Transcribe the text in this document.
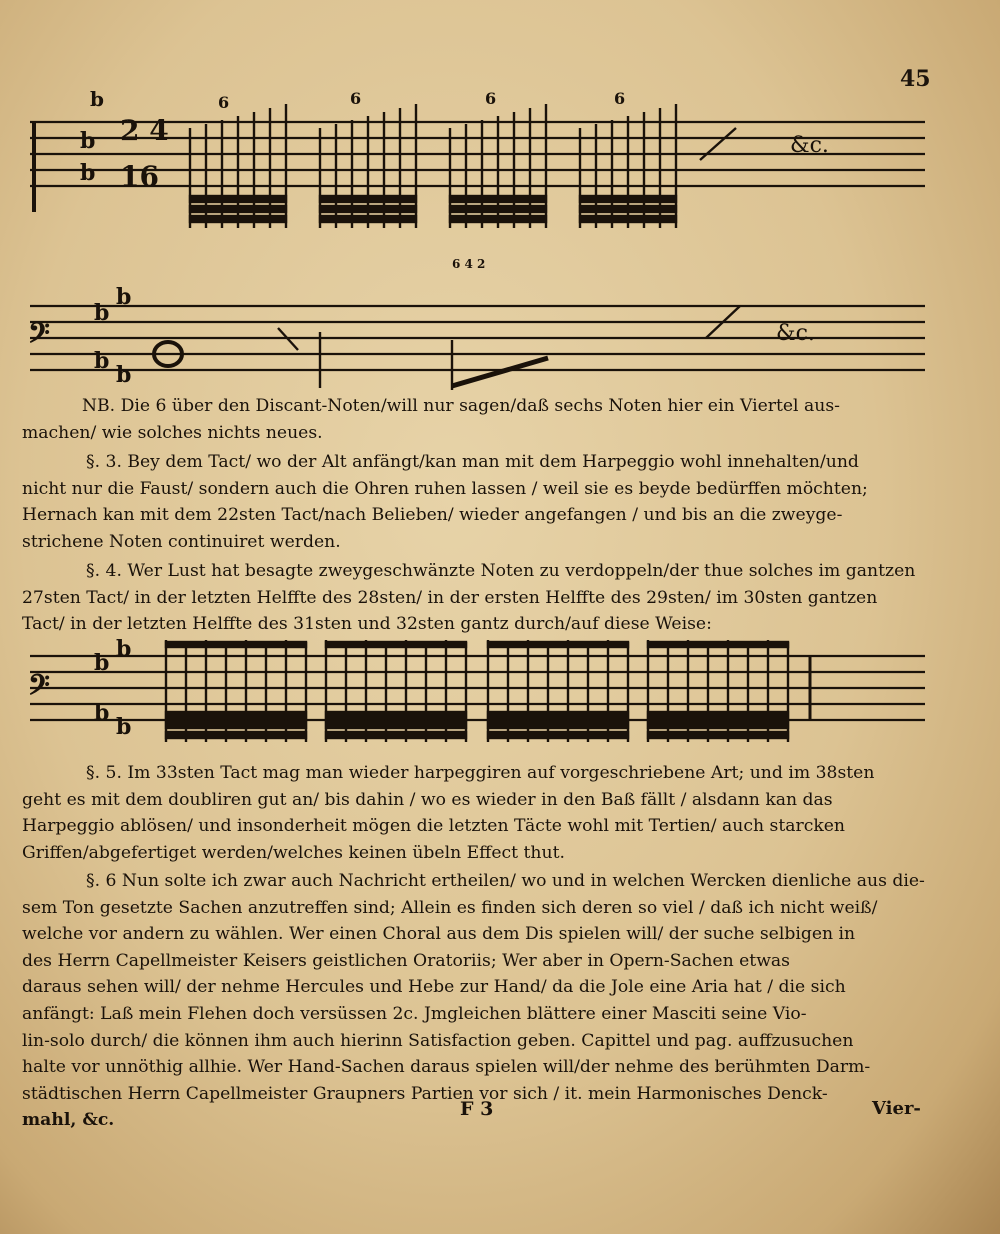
45
b
b
b
2 4
16
6	6	6	6
&c.
𝄢
b
b
b
b
6 4 2
&c.
NB. Die 6 über den Discant-Noten/will nur sagen/daß sechs Noten hier ein Viertel aus-
machen/ wie solches nichts neues.
§. 3. Bey dem Tact/ wo der Alt anfängt/kan man mit dem Harpeggio wohl innehalten/und
nicht nur die Faust/ sondern auch die Ohren ruhen lassen / weil sie es beyde bedürffen möchten;
Hernach kan mit dem 22sten Tact/nach Belieben/ wieder angefangen / und bis an die zweyge-
strichene Noten continuiret werden.
§. 4. Wer Lust hat besagte zweygeschwänzte Noten zu verdoppeln/der thue solches im gantzen
27sten Tact/ in der letzten Helffte des 28sten/ in der ersten Helffte des 29sten/ im 30sten gantzen
Tact/ in der letzten Helffte des 31sten und 32sten gantz durch/auf diese Weise:
𝄢
b
b
b
b
§. 5. Im 33sten Tact mag man wieder harpeggiren auf vorgeschriebene Art; und im 38sten
geht es mit dem doubliren gut an/ bis dahin / wo es wieder in den Baß fällt / alsdann kan das
Harpeggio ablösen/ und insonderheit mögen die letzten Täcte wohl mit Tertien/ auch starcken
Griffen/abgefertiget werden/welches keinen übeln Effect thut.
§. 6 Nun solte ich zwar auch Nachricht ertheilen/ wo und in welchen Wercken dienliche aus die-
sem Ton gesetzte Sachen anzutreffen sind; Allein es finden sich deren so viel / daß ich nicht weiß/
welche vor andern zu wählen. Wer einen Choral aus dem Dis spielen will/ der suche selbigen in
des Herrn Capellmeister Keisers geistlichen Oratoriis; Wer aber in Opern-Sachen etwas
daraus sehen will/ der nehme Hercules und Hebe zur Hand/ da die Jole eine Aria hat / die sich
anfängt: Laß mein Flehen doch versüssen 2c. Jmgleichen blättere einer Masciti seine Vio-
lin-solo durch/ die können ihm auch hierinn Satisfaction geben. Capittel und pag. auffzusuchen
halte vor unnöthig allhie. Wer Hand-Sachen daraus spielen will/der nehme des berühmten Darm-
städtischen Herrn Capellmeister Graupners Partien vor sich / it. mein Harmonisches Denck-
mahl, &c.
F 3	Vier-
